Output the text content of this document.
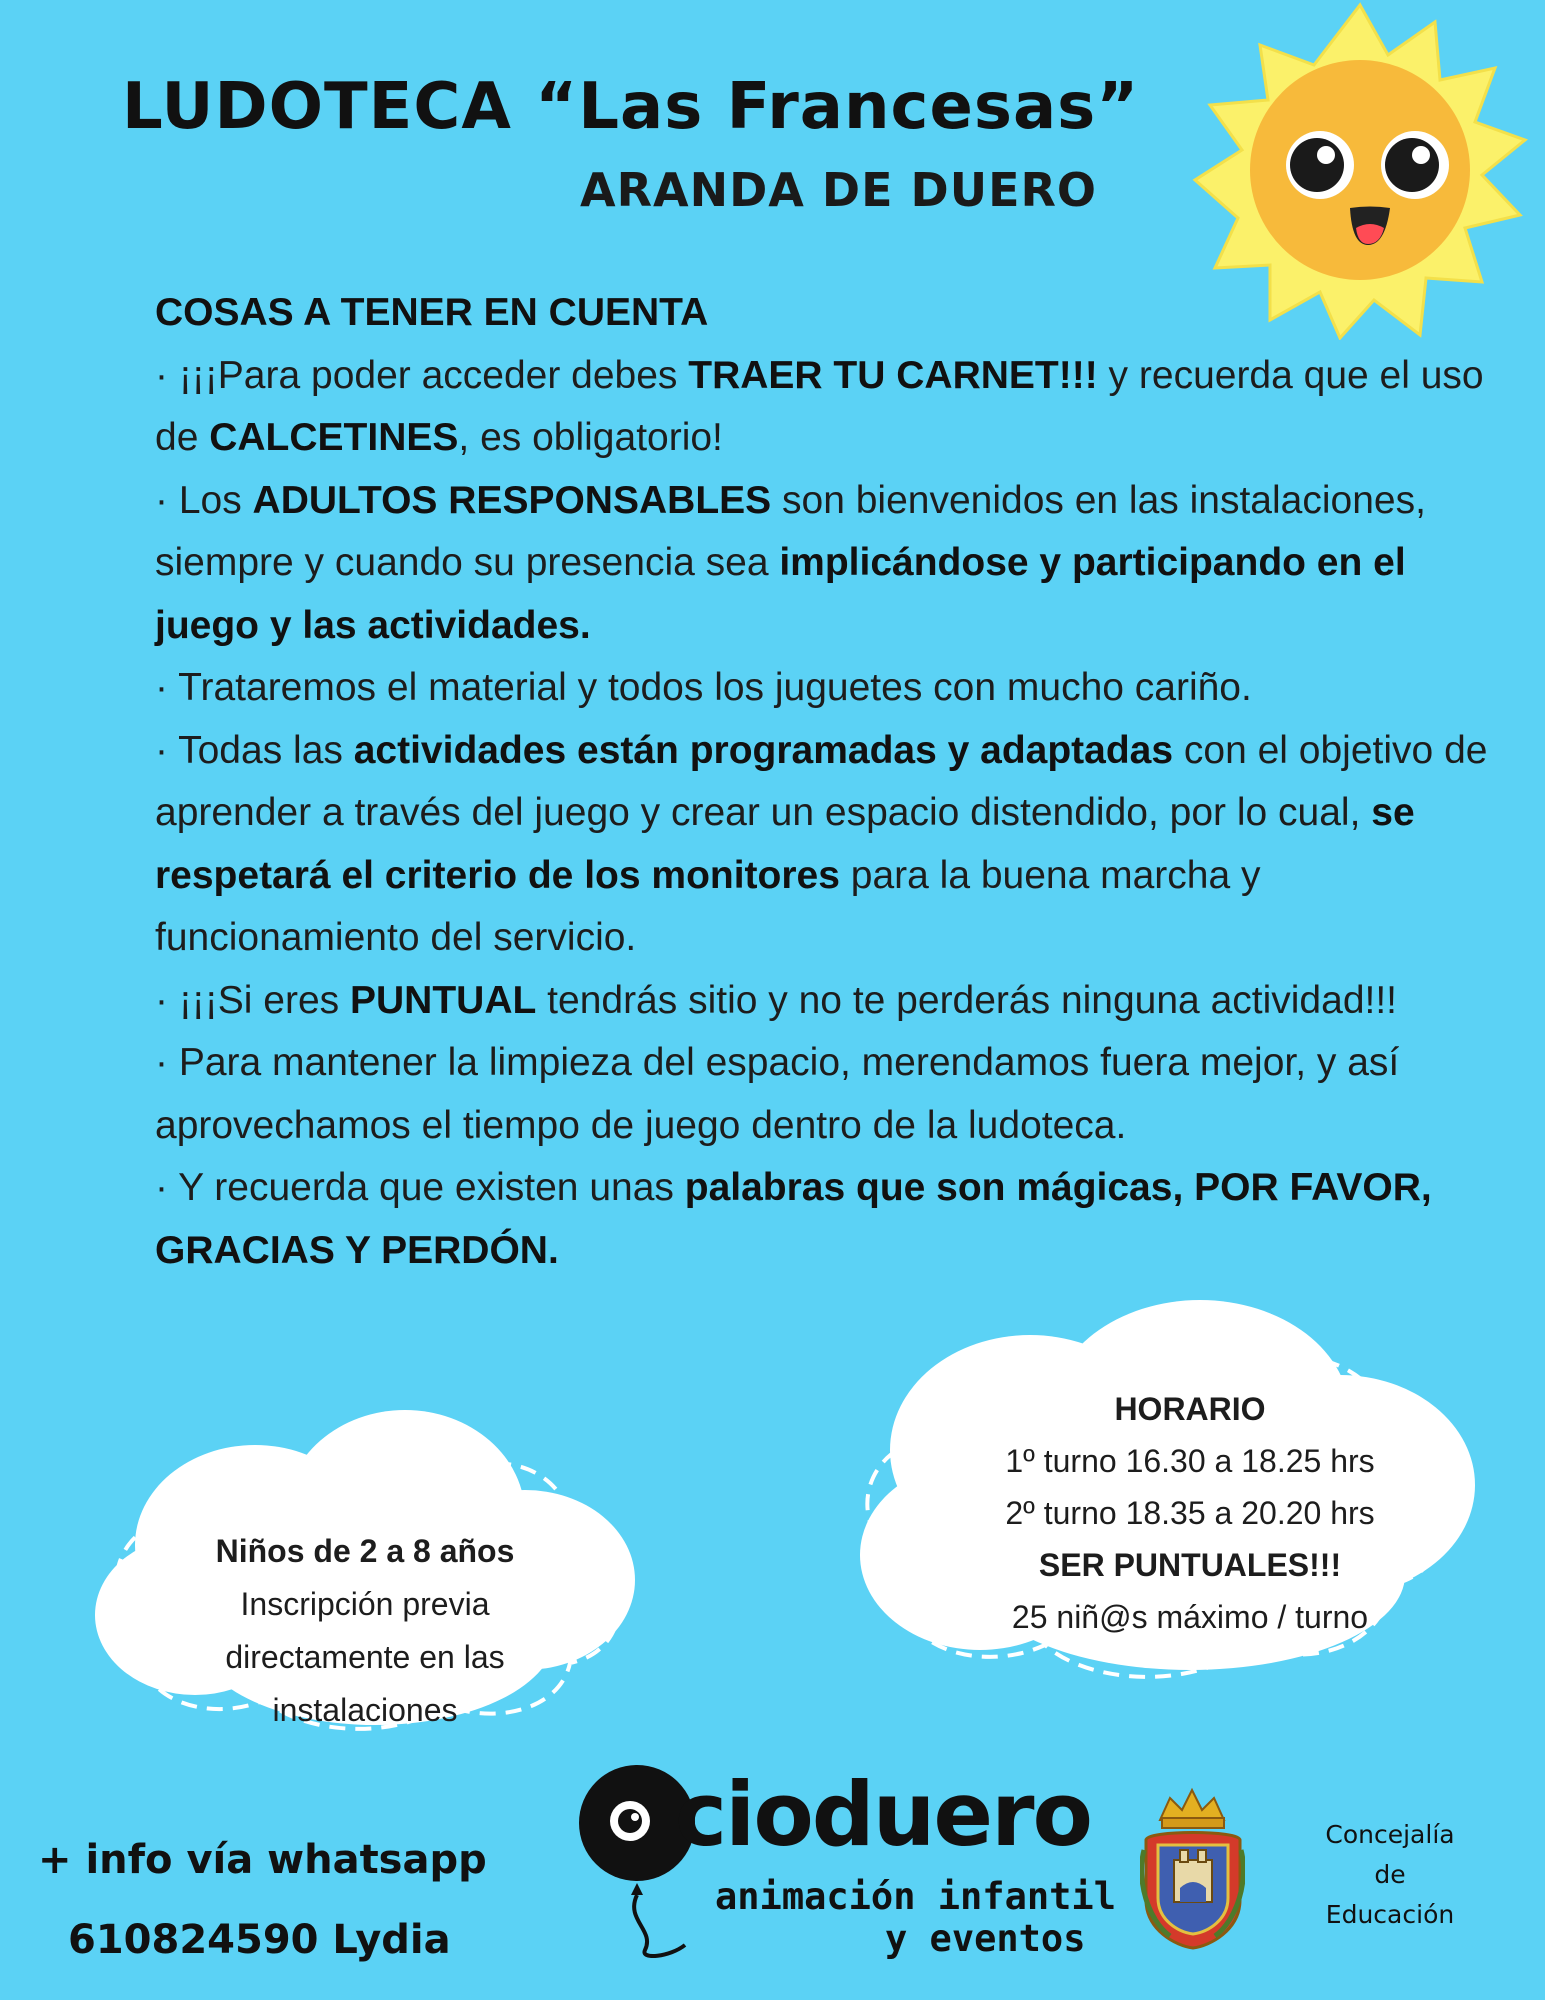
LUDOTECA “Las Francesas”
ARANDA DE DUERO

COSAS A TENER EN CUENTA

· ¡¡¡Para poder acceder debes TRAER TU CARNET!!! y recuerda que el uso de CALCETINES, es obligatorio!

· Los ADULTOS RESPONSABLES son bienvenidos en las instalaciones, siempre y cuando su presencia sea implicándose y participando en el juego y las actividades.

· Trataremos el material y todos los juguetes con mucho cariño.

· Todas las actividades están programadas y adaptadas con el objetivo de aprender a través del juego y crear un espacio distendido, por lo cual, se respetará el criterio de los monitores para la buena marcha y funcionamiento del servicio.

· ¡¡¡Si eres PUNTUAL tendrás sitio y no te perderás ninguna actividad!!!

· Para mantener la limpieza del espacio, merendamos fuera mejor, y así aprovechamos el tiempo de juego dentro de la ludoteca.

· Y recuerda que existen unas palabras que son mágicas, POR FAVOR, GRACIAS Y PERDÓN.

Niños de 2 a 8 años
Inscripción previa
directamente en las
instalaciones
HORARIO
1º turno 16.30 a 18.25 hrs
2º turno 18.35 a 20.20 hrs
SER PUNTUALES!!!
25 niñ@s máximo / turno
+ info vía whatsapp
610824590 Lydia
cioduero
animación infantil
y eventos
Concejalía
de
Educación
